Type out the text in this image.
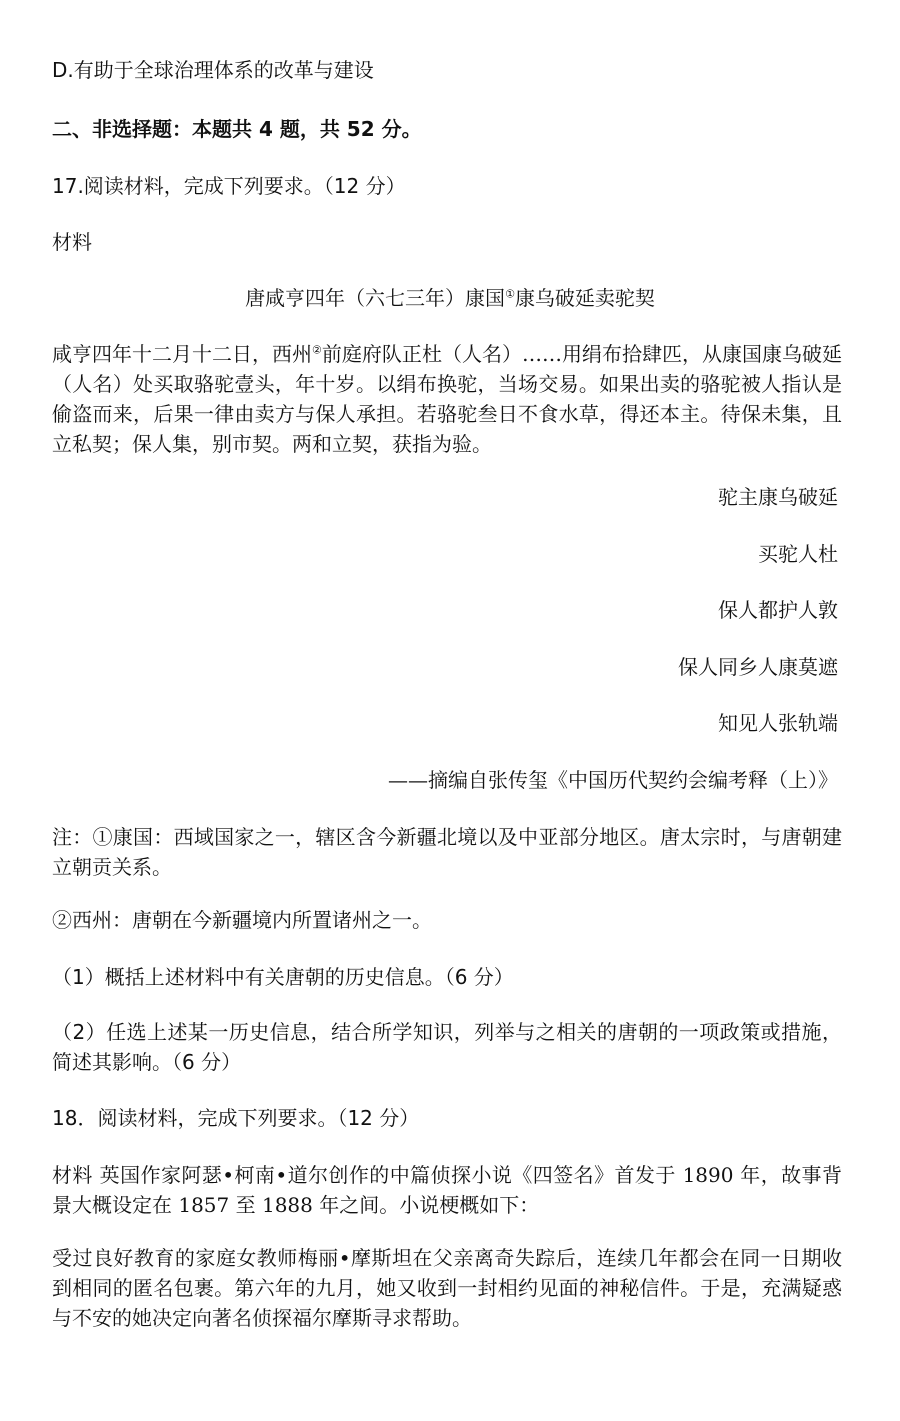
D.有助于全球治理体系的改革与建设
二、非选择题：本题共 4 题，共 52 分。
17.阅读材料，完成下列要求。（12 分）
材料
唐咸亨四年（六七三年）康国①康乌破延卖驼契
咸亨四年十二月十二日，西州②前庭府队正杜（人名）……用绢布拾肆匹，从康国康乌破延（人名）处买取骆驼壹头，年十岁。以绢布换驼，当场交易。如果出卖的骆驼被人指认是偷盗而来，后果一律由卖方与保人承担。若骆驼叁日不食水草，得还本主。待保未集，且立私契；保人集，别市契。两和立契，获指为验。
驼主康乌破延
买驼人杜
保人都护人敦
保人同乡人康莫遮
知见人张轨端
——摘编自张传玺《中国历代契约会编考释（上）》
注：①康国：西域国家之一，辖区含今新疆北境以及中亚部分地区。唐太宗时，与唐朝建立朝贡关系。
②西州：唐朝在今新疆境内所置诸州之一。
（1）概括上述材料中有关唐朝的历史信息。（6 分）
（2）任选上述某一历史信息，结合所学知识，列举与之相关的唐朝的一项政策或措施，简述其影响。（6 分）
18．阅读材料，完成下列要求。（12 分）
材料 英国作家阿瑟•柯南•道尔创作的中篇侦探小说《四签名》首发于 1890 年，故事背景大概设定在 1857 至 1888 年之间。小说梗概如下：
受过良好教育的家庭女教师梅丽•摩斯坦在父亲离奇失踪后，连续几年都会在同一日期收到相同的匿名包裹。第六年的九月，她又收到一封相约见面的神秘信件。于是，充满疑惑与不安的她决定向著名侦探福尔摩斯寻求帮助。
